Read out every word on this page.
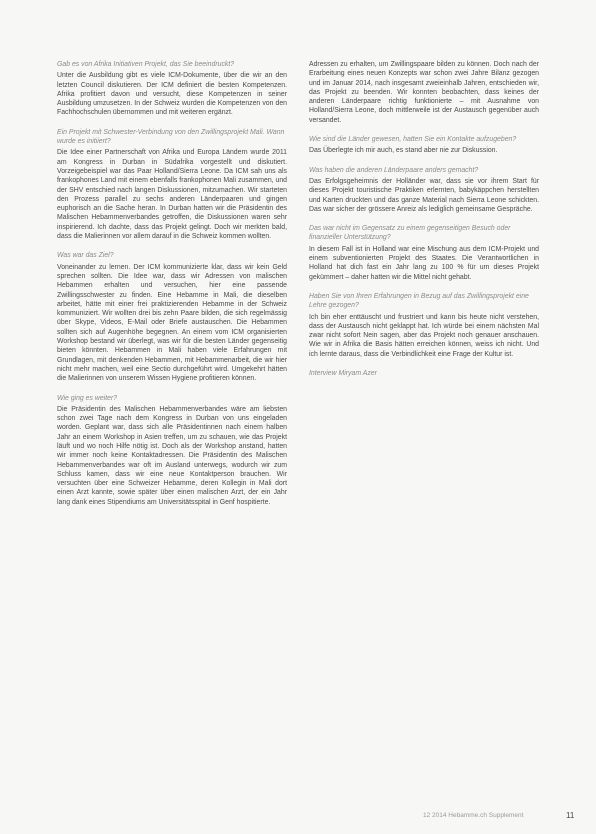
Gab es von Afrika Initiativen Projekt, das Sie beeindruckt?
Unter die Ausbildung gibt es viele ICM-Dokumente, über die wir an den letzten Council diskutieren. Der ICM definiert die besten Kompetenzen. Afrika profitiert davon und versucht, diese Kompetenzen in seiner Ausbildung umzusetzen. In der Schweiz wurden die Kompetenzen von den Fachhochschulen übernommen und mit weiteren ergänzt.
Ein Projekt mit Schwester-Verbindung von den Zwillingsprojekt Mali. Wann wurde es initiiert?
Die Idee einer Partnerschaft von Afrika und Europa Ländern wurde 2011 am Kongress in Durban in Südafrika vorgestellt und diskutiert. Vorzeigebeispiel war das Paar Holland/Sierra Leone. Da ICM sah uns als frankophones Land mit einem ebenfalls frankophonen Mali zusammen, und der SHV entschied nach langen Diskussionen, mitzumachen. Wir starteten den Prozess parallel zu sechs anderen Länderpaaren und gingen euphorisch an die Sache heran. In Durban hatten wir die Präsidentin des Malischen Hebammenverbandes getroffen, die Diskussionen waren sehr inspirierend. Ich dachte, dass das Projekt gelingt. Doch wir merkten bald, dass die Malierinnen vor allem darauf in die Schweiz kommen wollten.
Was war das Ziel?
Voneinander zu lernen. Der ICM kommunizierte klar, dass wir kein Geld sprechen sollten. Die Idee war, dass wir Adressen von malischen Hebammen erhalten und versuchen, hier eine passende Zwillingsschwester zu finden. Eine Hebamme in Mali, die dieselben arbeitet, hätte mit einer frei praktizierenden Hebamme in der Schweiz kommuniziert. Wir wollten drei bis zehn Paare bilden, die sich regelmässig über Skype, Videos, E-Mail oder Briefe austauschen. Die Hebammen sollten sich auf Augenhöhe begegnen. An einem vom ICM organisierten Workshop bestand wir überlegt, was wir für die besten Länder gegenseitig bieten könnten. Hebammen in Mali haben viele Erfahrungen mit Grundlagen, mit denkenden Hebammen, mit Hebammenarbeit, die wir hier nicht mehr machen, weil eine Sectio durchgeführt wird. Umgekehrt hätten die Malierinnen von unserem Wissen Hygiene profitieren können.
Wie ging es weiter?
Die Präsidentin des Malischen Hebammenverbandes wäre am liebsten schon zwei Tage nach dem Kongress in Durban von uns eingeladen worden. Geplant war, dass sich alle Präsidentinnen nach einem halben Jahr an einem Workshop in Asien treffen, um zu schauen, wie das Projekt läuft und wo noch Hilfe nötig ist. Doch als der Workshop anstand, hatten wir immer noch keine Kontaktadressen. Die Präsidentin des Malischen Hebammenverbandes war oft im Ausland unterwegs, wodurch wir zum Schluss kamen, dass wir eine neue Kontaktperson brauchen. Wir versuchten über eine Schweizer Hebamme, deren Kollegin in Mali dort einen Arzt kannte, sowie später über einen malischen Arzt, der ein Jahr lang dank eines Stipendiums am Universitätsspital in Genf hospitierte.
Adressen zu erhalten, um Zwillingspaare bilden zu können. Doch nach der Erarbeitung eines neuen Konzepts war schon zwei Jahre Bilanz gezogen und im Januar 2014, nach insgesamt zweieinhalb Jahren, entschieden wir, das Projekt zu beenden. Wir konnten beobachten, dass keines der anderen Länderpaare richtig funktionierte – mit Ausnahme von Holland/Sierra Leone, doch mittlerweile ist der Austausch gegenüber auch versandet.
Wie sind die Länder gewesen, hatten Sie ein Kontakte aufzugeben?
Das Überlegte ich mir auch, es stand aber nie zur Diskussion.
Was haben die anderen Länderpaare anders gemacht?
Das Erfolgsgeheimnis der Holländer war, dass sie vor ihrem Start für dieses Projekt touristische Praktiken erlernten, babykäppchen herstellten und Karten druckten und das ganze Material nach Sierra Leone schickten. Das war sicher der grössere Anreiz als lediglich gemeinsame Gespräche.
Das war nicht im Gegensatz zu einem gegenseitigen Besuch oder finanzieller Unterstützung?
In diesem Fall ist in Holland war eine Mischung aus dem ICM-Projekt und einem subventionierten Projekt des Staates. Die Verantwortlichen in Holland hat dich fast ein Jahr lang zu 100 % für um dieses Projekt gekümmert – daher hatten wir die Mittel nicht gehabt.
Haben Sie von Ihren Erfahrungen in Bezug auf das Zwillingsprojekt eine Lehre gezogen?
Ich bin eher enttäuscht und frustriert und kann bis heute nicht verstehen, dass der Austausch nicht geklappt hat. Ich würde bei einem nächsten Mal zwar nicht sofort Nein sagen, aber das Projekt noch genauer anschauen. Wie wir in Afrika die Basis hätten erreichen können, weiss ich nicht. Und ich lernte daraus, dass die Verbindlichkeit eine Frage der Kultur ist.
Interview Miryam Azer
12 2014 Hebamme.ch Supplement	11
